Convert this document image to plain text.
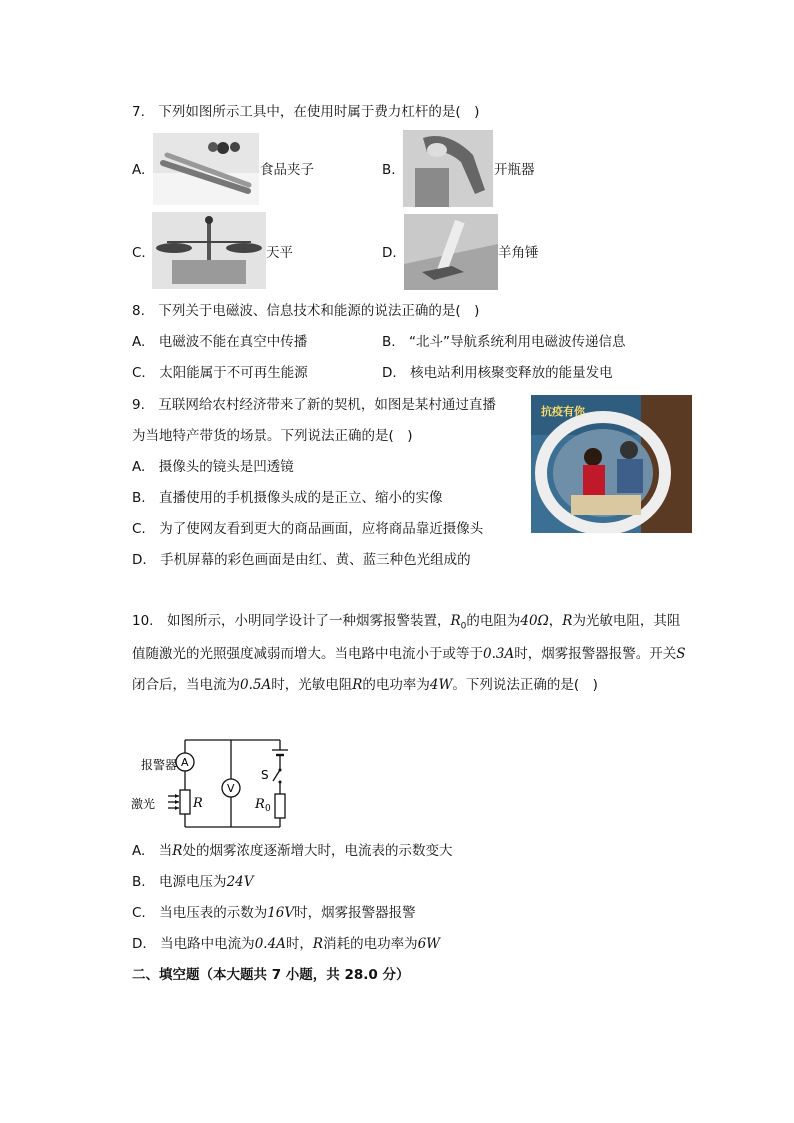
7. 下列如图所示工具中，在使用时属于费力杠杆的是( )
A.	食品夹子	B.	开瓶器
C.	天平	D.	羊角锤
8. 下列关于电磁波、信息技术和能源的说法正确的是( )
A. 电磁波不能在真空中传播	B. “北斗”导航系统利用电磁波传递信息
C. 太阳能属于不可再生能源	D. 核电站利用核聚变释放的能量发电
9. 互联网给农村经济带来了新的契机，如图是某村通过直播
为当地特产带货的场景。下列说法正确的是( )
A. 摄像头的镜头是凹透镜
B. 直播使用的手机摄像头成的是正立、缩小的实像
C. 为了使网友看到更大的商品画面，应将商品靠近摄像头
D. 手机屏幕的彩色画面是由红、黄、蓝三种色光组成的
抗疫有你
10. 如图所示，小明同学设计了一种烟雾报警装置，$R_0$的电阻为40Ω，R为光敏电阻，其阻
值随激光的光照强度减弱而增大。当电路中电流小于或等于0.3A时，烟雾报警器报警。开关S
闭合后，当电流为0.5A时，光敏电阻R的电功率为4W。下列说法正确的是( )
报警器
激光
A
V
S
R	R 0
A. 当R处的烟雾浓度逐渐增大时，电流表的示数变大
B. 电源电压为24V
C. 当电压表的示数为16V时，烟雾报警器报警
D. 当电路中电流为0.4A时，R消耗的电功率为6W
二、填空题（本大题共 7 小题，共 28.0 分）
